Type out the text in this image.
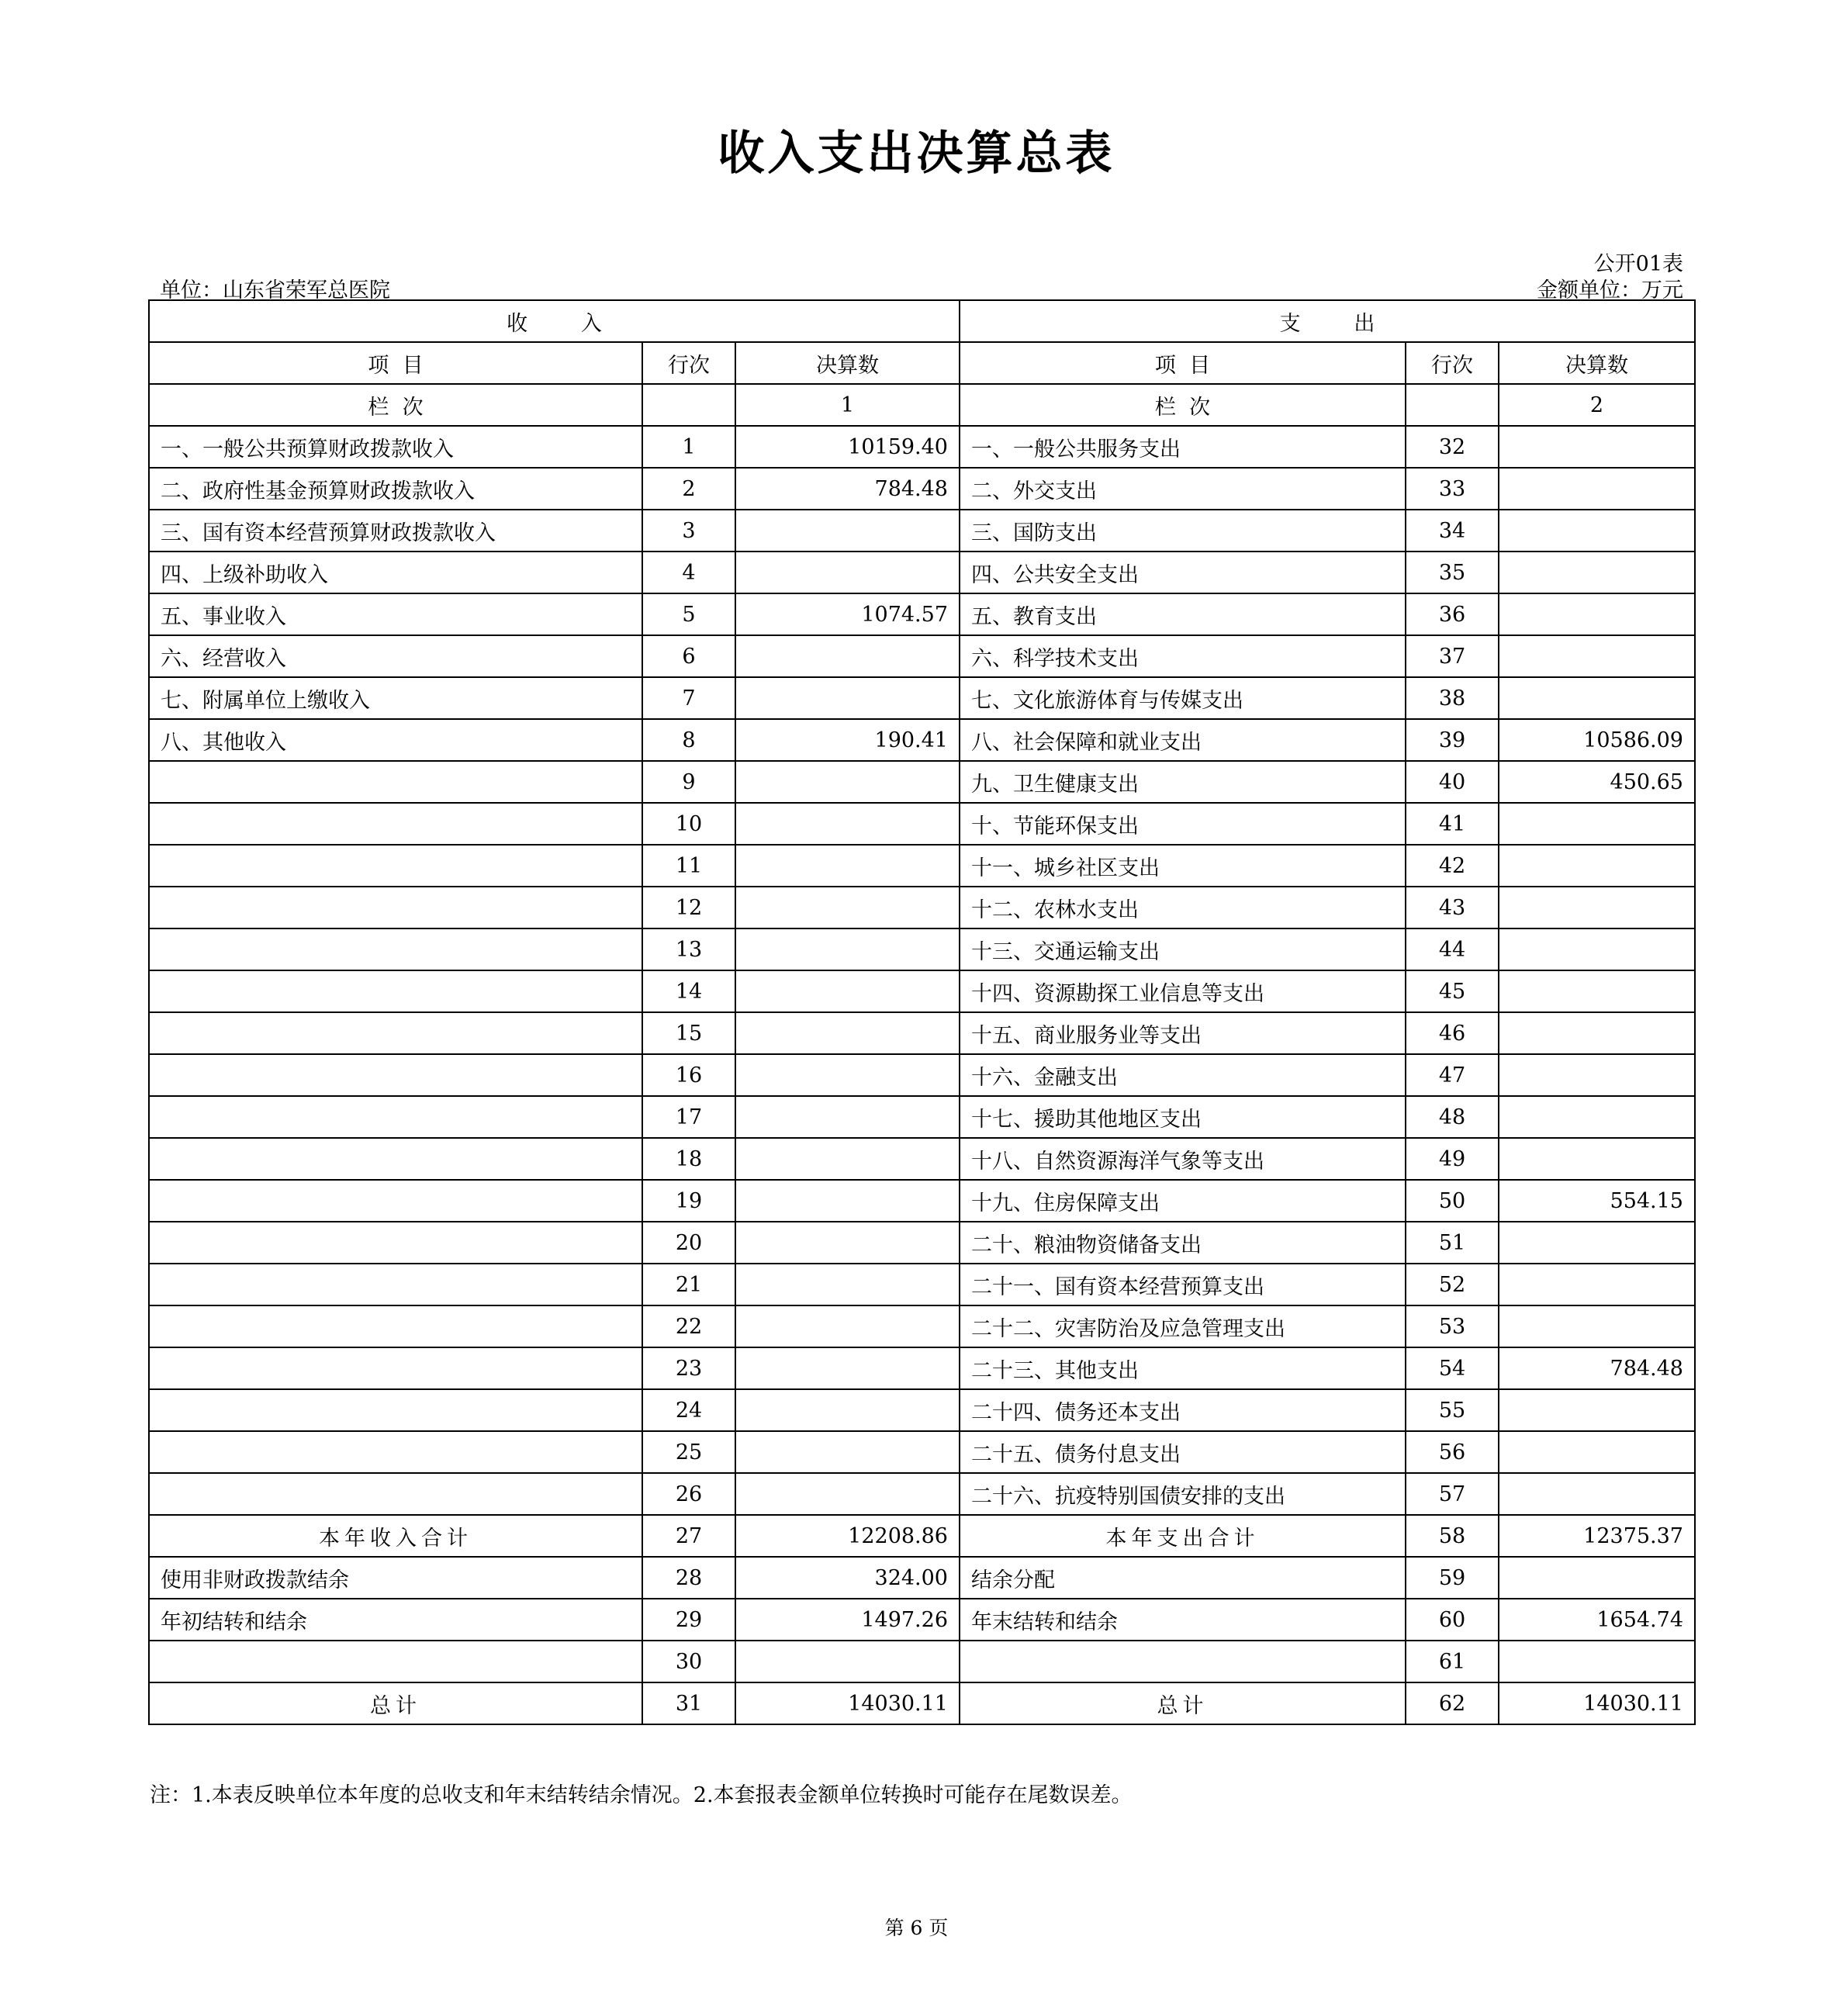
收入支出决算总表
公开01表
单位：山东省荣军总医院	金额单位：万元
收        入			支        出		
项  目	行次	决算数	项  目	行次	决算数
栏  次		1	栏  次		2
一、一般公共预算财政拨款收入	1	10159.40	一、一般公共服务支出	32	
二、政府性基金预算财政拨款收入	2	784.48	二、外交支出	33	
三、国有资本经营预算财政拨款收入	3		三、国防支出	34	
四、上级补助收入	4		四、公共安全支出	35	
五、事业收入	5	1074.57	五、教育支出	36	
六、经营收入	6		六、科学技术支出	37	
七、附属单位上缴收入	7		七、文化旅游体育与传媒支出	38	
八、其他收入	8	190.41	八、社会保障和就业支出	39	10586.09
	9		九、卫生健康支出	40	450.65
	10		十、节能环保支出	41	
	11		十一、城乡社区支出	42	
	12		十二、农林水支出	43	
	13		十三、交通运输支出	44	
	14		十四、资源勘探工业信息等支出	45	
	15		十五、商业服务业等支出	46	
	16		十六、金融支出	47	
	17		十七、援助其他地区支出	48	
	18		十八、自然资源海洋气象等支出	49	
	19		十九、住房保障支出	50	554.15
	20		二十、粮油物资储备支出	51	
	21		二十一、国有资本经营预算支出	52	
	22		二十二、灾害防治及应急管理支出	53	
	23		二十三、其他支出	54	784.48
	24		二十四、债务还本支出	55	
	25		二十五、债务付息支出	56	
	26		二十六、抗疫特别国债安排的支出	57	
本年收入合计	27	12208.86	本年支出合计	58	12375.37
使用非财政拨款结余	28	324.00	结余分配	59	
年初结转和结余	29	1497.26	年末结转和结余	60	1654.74
	30			61	
总计	31	14030.11	总计	62	14030.11
注：1.本表反映单位本年度的总收支和年末结转结余情况。2.本套报表金额单位转换时可能存在尾数误差。
第 6 页
